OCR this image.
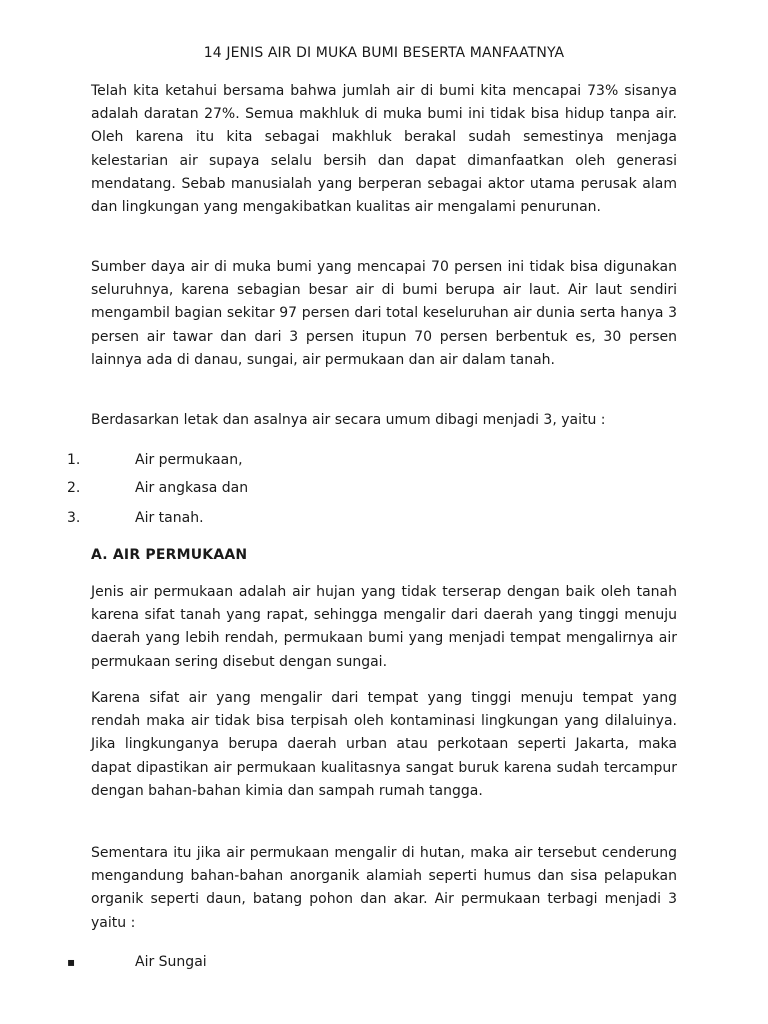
14 JENIS AIR DI MUKA BUMI BESERTA MANFAATNYA

Telah kita ketahui bersama bahwa jumlah air di bumi kita mencapai 73% sisanya adalah daratan 27%. Semua makhluk di muka bumi ini tidak bisa hidup tanpa air. Oleh karena itu kita sebagai makhluk berakal sudah semestinya menjaga kelestarian air supaya selalu bersih dan dapat dimanfaatkan oleh generasi mendatang. Sebab manusialah yang berperan sebagai aktor utama perusak alam dan lingkungan yang mengakibatkan kualitas air mengalami penurunan.

Sumber daya air di muka bumi yang mencapai 70 persen ini tidak bisa digunakan seluruhnya, karena sebagian besar air di bumi berupa air laut. Air laut sendiri mengambil bagian sekitar 97 persen dari total keseluruhan air dunia serta hanya 3 persen air tawar dan dari 3 persen itupun 70 persen berbentuk es, 30 persen lainnya ada di danau, sungai, air permukaan dan air dalam tanah.

Berdasarkan letak dan asalnya air secara umum dibagi menjadi 3, yaitu :

1.	Air permukaan,
2.	Air angkasa dan
3.	Air tanah.
A. AIR PERMUKAAN

Jenis air permukaan adalah air hujan yang tidak terserap dengan baik oleh tanah karena sifat tanah yang rapat, sehingga mengalir dari daerah yang tinggi menuju daerah yang lebih rendah, permukaan bumi yang menjadi tempat mengalirnya air permukaan sering disebut dengan sungai.

Karena sifat air yang mengalir dari tempat yang tinggi menuju tempat yang rendah maka air tidak bisa terpisah oleh kontaminasi lingkungan yang dilaluinya. Jika lingkunganya berupa daerah urban atau perkotaan seperti Jakarta, maka dapat dipastikan air permukaan kualitasnya sangat buruk karena sudah tercampur dengan bahan-bahan kimia dan sampah rumah tangga.

Sementara itu jika air permukaan mengalir di hutan, maka air tersebut cenderung mengandung bahan-bahan anorganik alamiah seperti humus dan sisa pelapukan organik seperti daun, batang pohon dan akar. Air permukaan terbagi menjadi 3 yaitu :

▪	Air Sungai
